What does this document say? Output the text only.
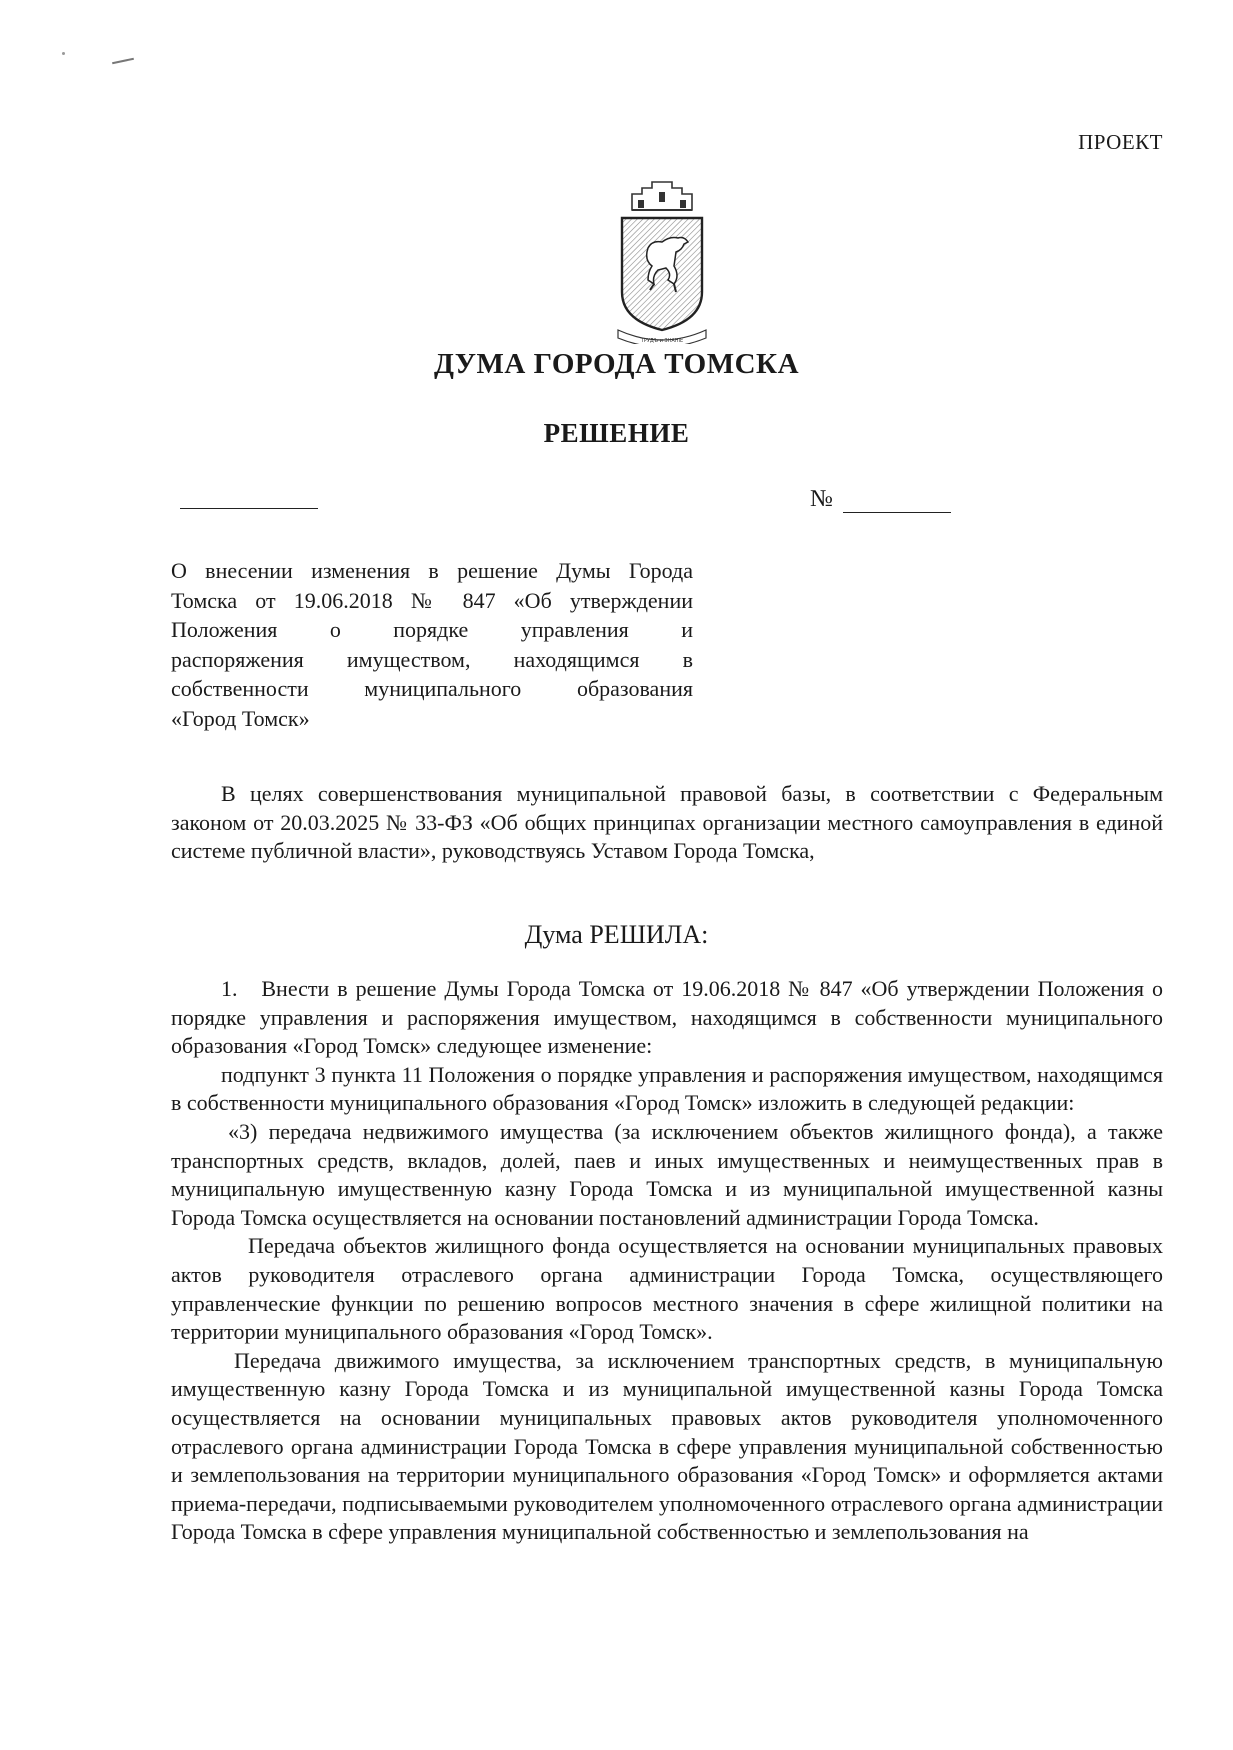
ПРОЕКТ
ТРУДЪ и ЗНАНІЕ
ДУМА ГОРОДА ТОМСКА
РЕШЕНИЕ
№
О внесении изменения в решение Думы Города
Томска от 19.06.2018 № 847 «Об утверждении
Положения о порядке управления и
распоряжения имуществом, находящимся в
собственности муниципального образования
«Город Томск»

В целях совершенствования муниципальной правовой базы, в соответствии с Федеральным законом от 20.03.2025 № 33-ФЗ «Об общих принципах организации местного самоуправления в единой системе публичной власти», руководствуясь Уставом Города Томска,

Дума РЕШИЛА:

1.   Внести в решение Думы Города Томска от 19.06.2018 № 847 «Об утверждении Положения о порядке управления и распоряжения имуществом, находящимся в собственности муниципального образования «Город Томск» следующее изменение:

подпункт 3 пункта 11 Положения о порядке управления и распоряжения имуществом, находящимся в собственности муниципального образования «Город Томск» изложить в следующей редакции:

«3) передача недвижимого имущества (за исключением объектов жилищного фонда), а также транспортных средств, вкладов, долей, паев и иных имущественных и неимущественных прав в муниципальную имущественную казну Города Томска и из муниципальной имущественной казны Города Томска осуществляется на основании постановлений администрации Города Томска.

Передача объектов жилищного фонда осуществляется на основании муниципальных правовых актов руководителя отраслевого органа администрации Города Томска, осуществляющего управленческие функции по решению вопросов местного значения в сфере жилищной политики на территории муниципального образования «Город Томск».

Передача движимого имущества, за исключением транспортных средств, в муниципальную имущественную казну Города Томска и из муниципальной имущественной казны Города Томска осуществляется на основании муниципальных правовых актов руководителя уполномоченного отраслевого органа администрации Города Томска в сфере управления муниципальной собственностью и землепользования на территории муниципального образования «Город Томск» и оформляется актами приема-передачи, подписываемыми руководителем уполномоченного отраслевого органа администрации Города Томска в сфере управления муниципальной собственностью и землепользования на
